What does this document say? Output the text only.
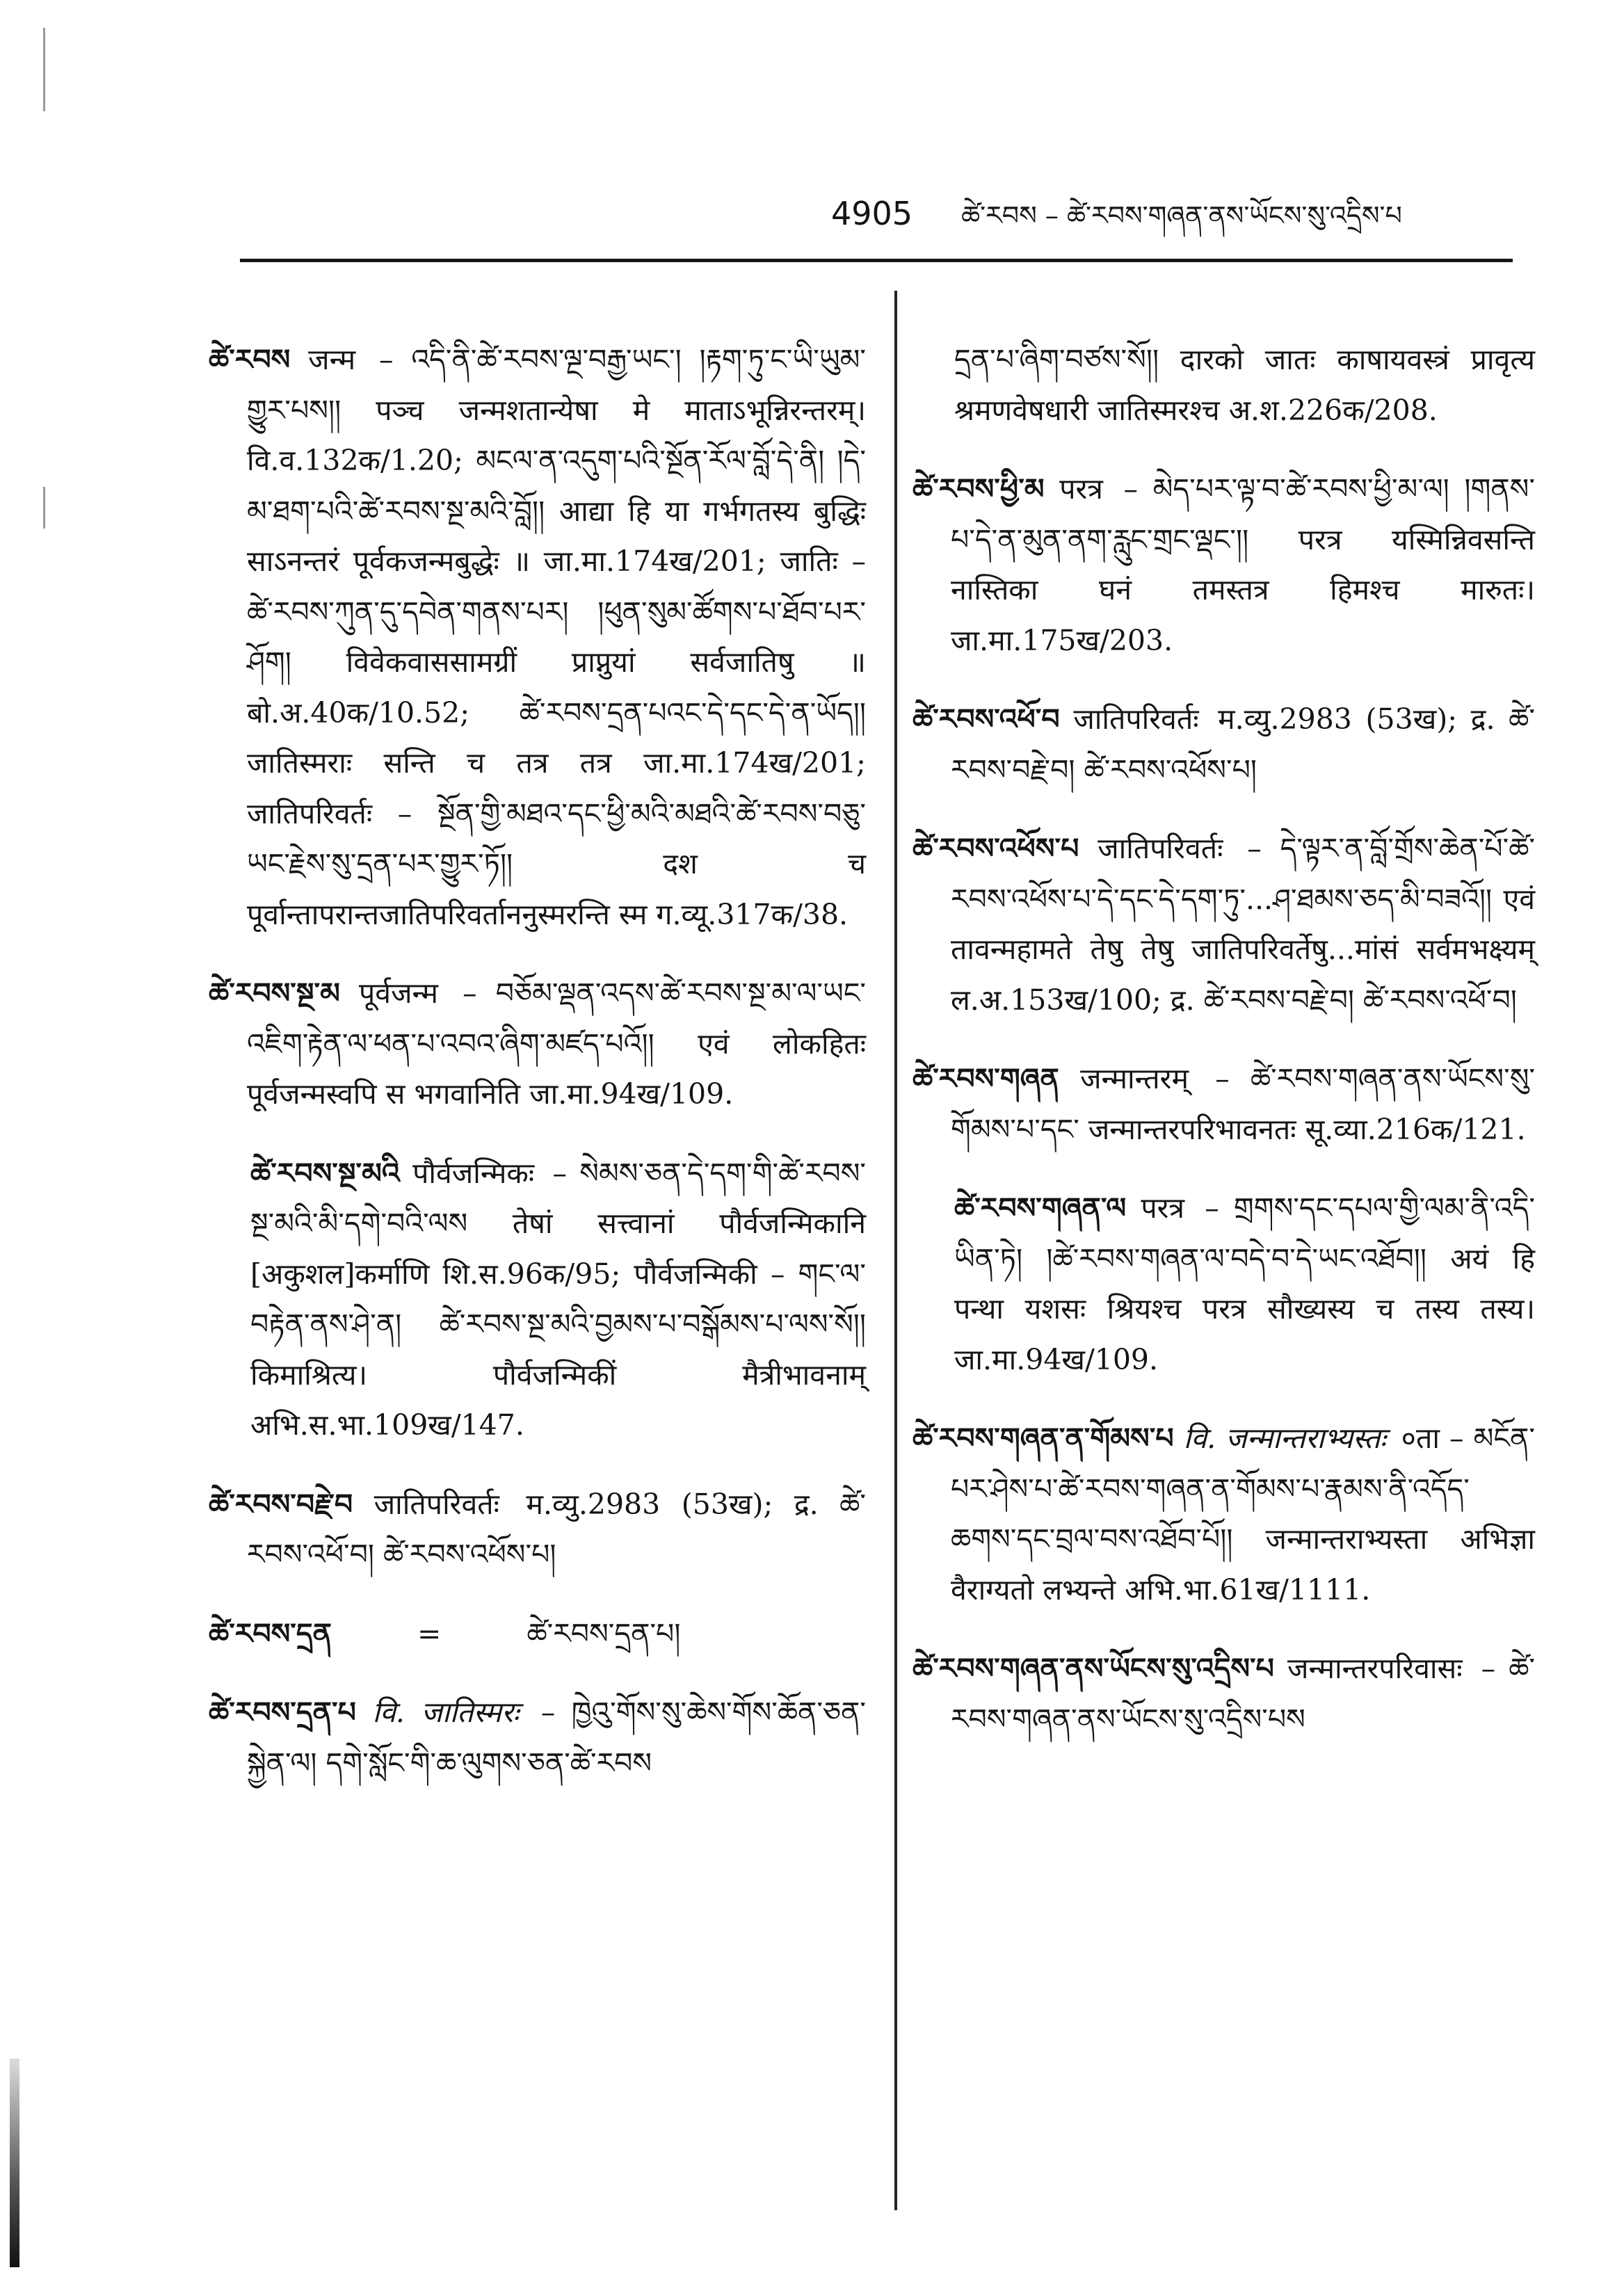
4905 ཚེ་རབས – ཚེ་རབས་གཞན་ནས་ཡོངས་སུ་འདྲིས་པ

ཚེ་རབས जन्म – འདི་ནི་ཚེ་རབས་ལྔ་བརྒྱ་ཡང་། །རྟག་ཏུ་ང་ཡི་ཡུམ་གྱུར་པས།། पञ्च जन्मशतान्येषा मे माताऽभून्निरन्तरम्। वि.व.132क/1.20; མངལ་ན་འདུག་པའི་སྔོན་རོལ་བློ་དེ་ནི། །དེ་མ་ཐག་པའི་ཚེ་རབས་སྔ་མའི་བློ།། आद्या हि या गर्भगतस्य बुद्धिः साऽनन्तरं पूर्वकजन्मबुद्धेः ॥ जा.मा.174ख/201; जातिः – ཚེ་རབས་ཀུན་དུ་དབེན་གནས་པར། །ཕུན་སུམ་ཚོགས་པ་ཐོབ་པར་ཤོག། विवेकवाससामग्रीं प्राप्नुयां सर्वजातिषु ॥ बो.अ.40क/10.52; ཚེ་རབས་དྲན་པའང་དེ་དང་དེ་ན་ཡོད།། जातिस्मराः सन्ति च तत्र तत्र जा.मा.174ख/201; जातिपरिवर्तः – སྔོན་གྱི་མཐའ་དང་ཕྱི་མའི་མཐའི་ཚེ་རབས་བཅུ་ཡང་རྗེས་སུ་དྲན་པར་གྱུར་ཏོ།། दश च पूर्वान्तापरान्तजातिपरिवर्ताननुस्मरन्ति स्म ग.व्यू.317क/38.

ཚེ་རབས་སྔ་མ पूर्वजन्म – བཅོམ་ལྡན་འདས་ཚེ་རབས་སྔ་མ་ལ་ཡང་འཇིག་རྟེན་ལ་ཕན་པ་འབའ་ཞིག་མཛད་པའོ།། एवं लोकहितः पूर्वजन्मस्वपि स भगवानिति जा.मा.94ख/109.

ཚེ་རབས་སྔ་མའི पौर्वजन्मिकः – སེམས་ཅན་དེ་དག་གི་ཚེ་རབས་སྔ་མའི་མི་དགེ་བའི་ལས तेषां सत्त्वानां पौर्वजन्मिकानि [अकुशल]कर्माणि शि.स.96क/95; पौर्वजन्मिकी – གང་ལ་བརྟེན་ནས་ཤེ་ན། ཚེ་རབས་སྔ་མའི་བྱམས་པ་བསྒོམས་པ་ལས་སོ།། किमाश्रित्य। पौर्वजन्मिकीं मैत्रीभावनाम् अभि.स.भा.109ख/147.

ཚེ་རབས་བརྗེ་བ जातिपरिवर्तः म.व्यु.2983 (53ख); द्र. ཚེ་རབས་འཕོ་བ། ཚེ་རབས་འཕོས་པ།

ཚེ་རབས་དྲན	=	ཚེ་རབས་དྲན་པ།

ཚེ་རབས་དྲན་པ वि. जातिस्मरः – ཁྱེའུ་གོས་སུ་ཆེས་གོས་ཆོན་ཅན་སྐྱེན་ལ། དགེ་སློང་གི་ཆ་ལུགས་ཅན་ཚེ་རབས

དྲན་པ་ཞིག་བཙས་སོ།། दारको जातः काषायवस्त्रं प्रावृत्य श्रमणवेषधारी जातिस्मरश्च अ.श.226क/208.

ཚེ་རབས་ཕྱི་མ परत्र – མེད་པར་ལྟ་བ་ཚེ་རབས་ཕྱི་མ་ལ། །གནས་པ་དེ་ན་མུན་ནག་རླུང་གྲང་ལྡང་།། परत्र यस्मिन्निवसन्ति नास्तिका घनं तमस्तत्र हिमश्च मारुतः। जा.मा.175ख/203.

ཚེ་རབས་འཕོ་བ जातिपरिवर्तः म.व्यु.2983 (53ख); द्र. ཚེ་རབས་བརྗེ་བ། ཚེ་རབས་འཕོས་པ།

ཚེ་རབས་འཕོས་པ जातिपरिवर्तः – དེ་ལྟར་ན་བློ་གྲོས་ཆེན་པོ་ཚེ་རབས་འཕོས་པ་དེ་དང་དེ་དག་ཏུ་...ཤ་ཐམས་ཅད་མི་བཟའོ།། एवं तावन्महामते तेषु तेषु जातिपरिवर्तेषु...मांसं सर्वमभक्ष्यम् ल.अ.153ख/100; द्र. ཚེ་རབས་བརྗེ་བ། ཚེ་རབས་འཕོ་བ།

ཚེ་རབས་གཞན जन्मान्तरम् – ཚེ་རབས་གཞན་ནས་ཡོངས་སུ་གོམས་པ་དང་ जन्मान्तरपरिभावनतः सू.व्या.216क/121.

ཚེ་རབས་གཞན་ལ परत्र – གྲགས་དང་དཔལ་གྱི་ལམ་ནི་འདི་ཡིན་ཏེ། །ཚེ་རབས་གཞན་ལ་བདེ་བ་དེ་ཡང་འཐོབ།། अयं हि पन्था यशसः श्रियश्च परत्र सौख्यस्य च तस्य तस्य। जा.मा.94ख/109.

ཚེ་རབས་གཞན་ན་གོམས་པ वि. जन्मान्तराभ्यस्तः ०ता – མངོན་པར་ཤེས་པ་ཚེ་རབས་གཞན་ན་གོམས་པ་རྣམས་ནི་འདོད་ཆགས་དང་བྲལ་བས་འཐོབ་པོ།། जन्मान्तराभ्यस्ता अभिज्ञा वैराग्यतो लभ्यन्ते अभि.भा.61ख/1111.

ཚེ་རབས་གཞན་ནས་ཡོངས་སུ་འདྲིས་པ जन्मान्तरपरिवासः – ཚེ་རབས་གཞན་ནས་ཡོངས་སུ་འདྲིས་པས
